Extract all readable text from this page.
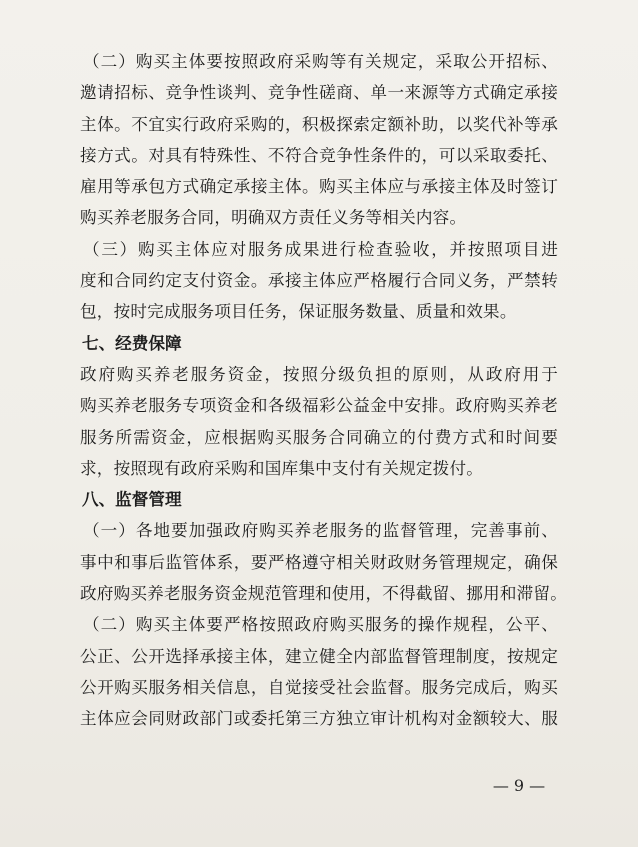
（二）购买主体要按照政府采购等有关规定，采取公开招标、
邀请招标、竞争性谈判、竞争性磋商、单一来源等方式确定承接
主体。不宜实行政府采购的，积极探索定额补助，以奖代补等承
接方式。对具有特殊性、不符合竞争性条件的，可以采取委托、
雇用等承包方式确定承接主体。购买主体应与承接主体及时签订
购买养老服务合同，明确双方责任义务等相关内容。
（三）购买主体应对服务成果进行检查验收，并按照项目进
度和合同约定支付资金。承接主体应严格履行合同义务，严禁转
包，按时完成服务项目任务，保证服务数量、质量和效果。
七、经费保障
政府购买养老服务资金，按照分级负担的原则，从政府用于
购买养老服务专项资金和各级福彩公益金中安排。政府购买养老
服务所需资金，应根据购买服务合同确立的付费方式和时间要
求，按照现有政府采购和国库集中支付有关规定拨付。
八、监督管理
（一）各地要加强政府购买养老服务的监督管理，完善事前、
事中和事后监管体系，要严格遵守相关财政财务管理规定，确保
政府购买养老服务资金规范管理和使用，不得截留、挪用和滞留。
（二）购买主体要严格按照政府购买服务的操作规程，公平、
公正、公开选择承接主体，建立健全内部监督管理制度，按规定
公开购买服务相关信息，自觉接受社会监督。服务完成后，购买
主体应会同财政部门或委托第三方独立审计机构对金额较大、服
— 9 —
